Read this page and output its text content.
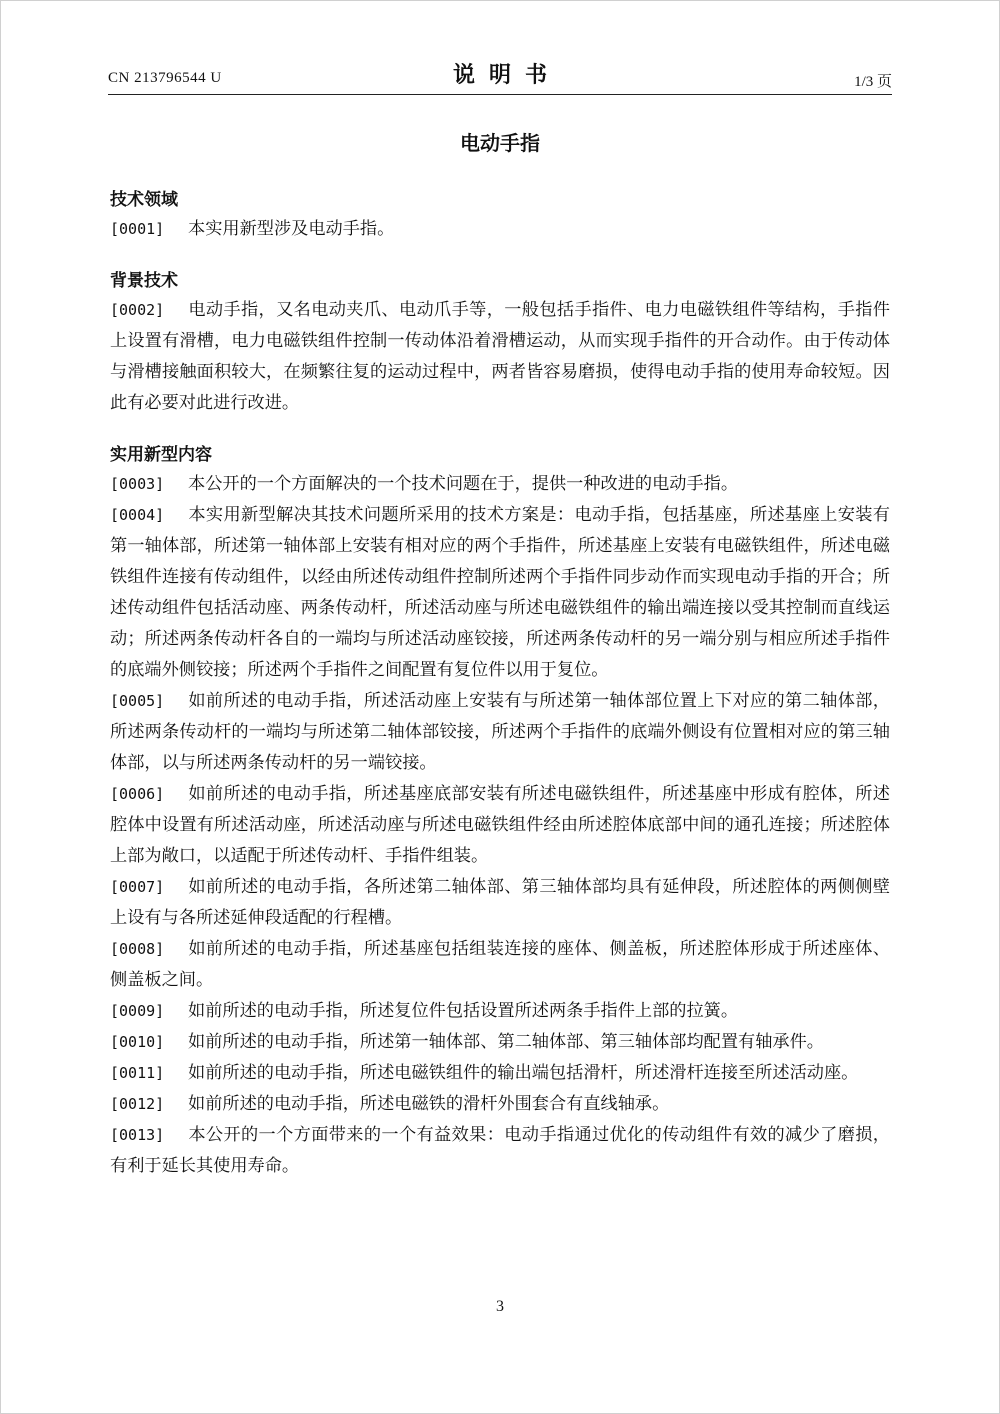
CN 213796544 U	说明书	1/3 页
电动手指
技术领域
[0001] 本实用新型涉及电动手指。
背景技术
[0002] 电动手指，又名电动夹爪、电动爪手等，一般包括手指件、电力电磁铁组件等结构，手指件上设置有滑槽，电力电磁铁组件控制一传动体沿着滑槽运动，从而实现手指件的开合动作。由于传动体与滑槽接触面积较大，在频繁往复的运动过程中，两者皆容易磨损，使得电动手指的使用寿命较短。因此有必要对此进行改进。
实用新型内容
[0003] 本公开的一个方面解决的一个技术问题在于，提供一种改进的电动手指。
[0004] 本实用新型解决其技术问题所采用的技术方案是：电动手指，包括基座，所述基座上安装有第一轴体部，所述第一轴体部上安装有相对应的两个手指件，所述基座上安装有电磁铁组件，所述电磁铁组件连接有传动组件，以经由所述传动组件控制所述两个手指件同步动作而实现电动手指的开合；所述传动组件包括活动座、两条传动杆，所述活动座与所述电磁铁组件的输出端连接以受其控制而直线运动；所述两条传动杆各自的一端均与所述活动座铰接，所述两条传动杆的另一端分别与相应所述手指件的底端外侧铰接；所述两个手指件之间配置有复位件以用于复位。
[0005] 如前所述的电动手指，所述活动座上安装有与所述第一轴体部位置上下对应的第二轴体部，所述两条传动杆的一端均与所述第二轴体部铰接，所述两个手指件的底端外侧设有位置相对应的第三轴体部，以与所述两条传动杆的另一端铰接。
[0006] 如前所述的电动手指，所述基座底部安装有所述电磁铁组件，所述基座中形成有腔体，所述腔体中设置有所述活动座，所述活动座与所述电磁铁组件经由所述腔体底部中间的通孔连接；所述腔体上部为敞口，以适配于所述传动杆、手指件组装。
[0007] 如前所述的电动手指，各所述第二轴体部、第三轴体部均具有延伸段，所述腔体的两侧侧壁上设有与各所述延伸段适配的行程槽。
[0008] 如前所述的电动手指，所述基座包括组装连接的座体、侧盖板，所述腔体形成于所述座体、侧盖板之间。
[0009] 如前所述的电动手指，所述复位件包括设置所述两条手指件上部的拉簧。
[0010] 如前所述的电动手指，所述第一轴体部、第二轴体部、第三轴体部均配置有轴承件。
[0011] 如前所述的电动手指，所述电磁铁组件的输出端包括滑杆，所述滑杆连接至所述活动座。
[0012] 如前所述的电动手指，所述电磁铁的滑杆外围套合有直线轴承。
[0013] 本公开的一个方面带来的一个有益效果：电动手指通过优化的传动组件有效的减少了磨损，有利于延长其使用寿命。
3
